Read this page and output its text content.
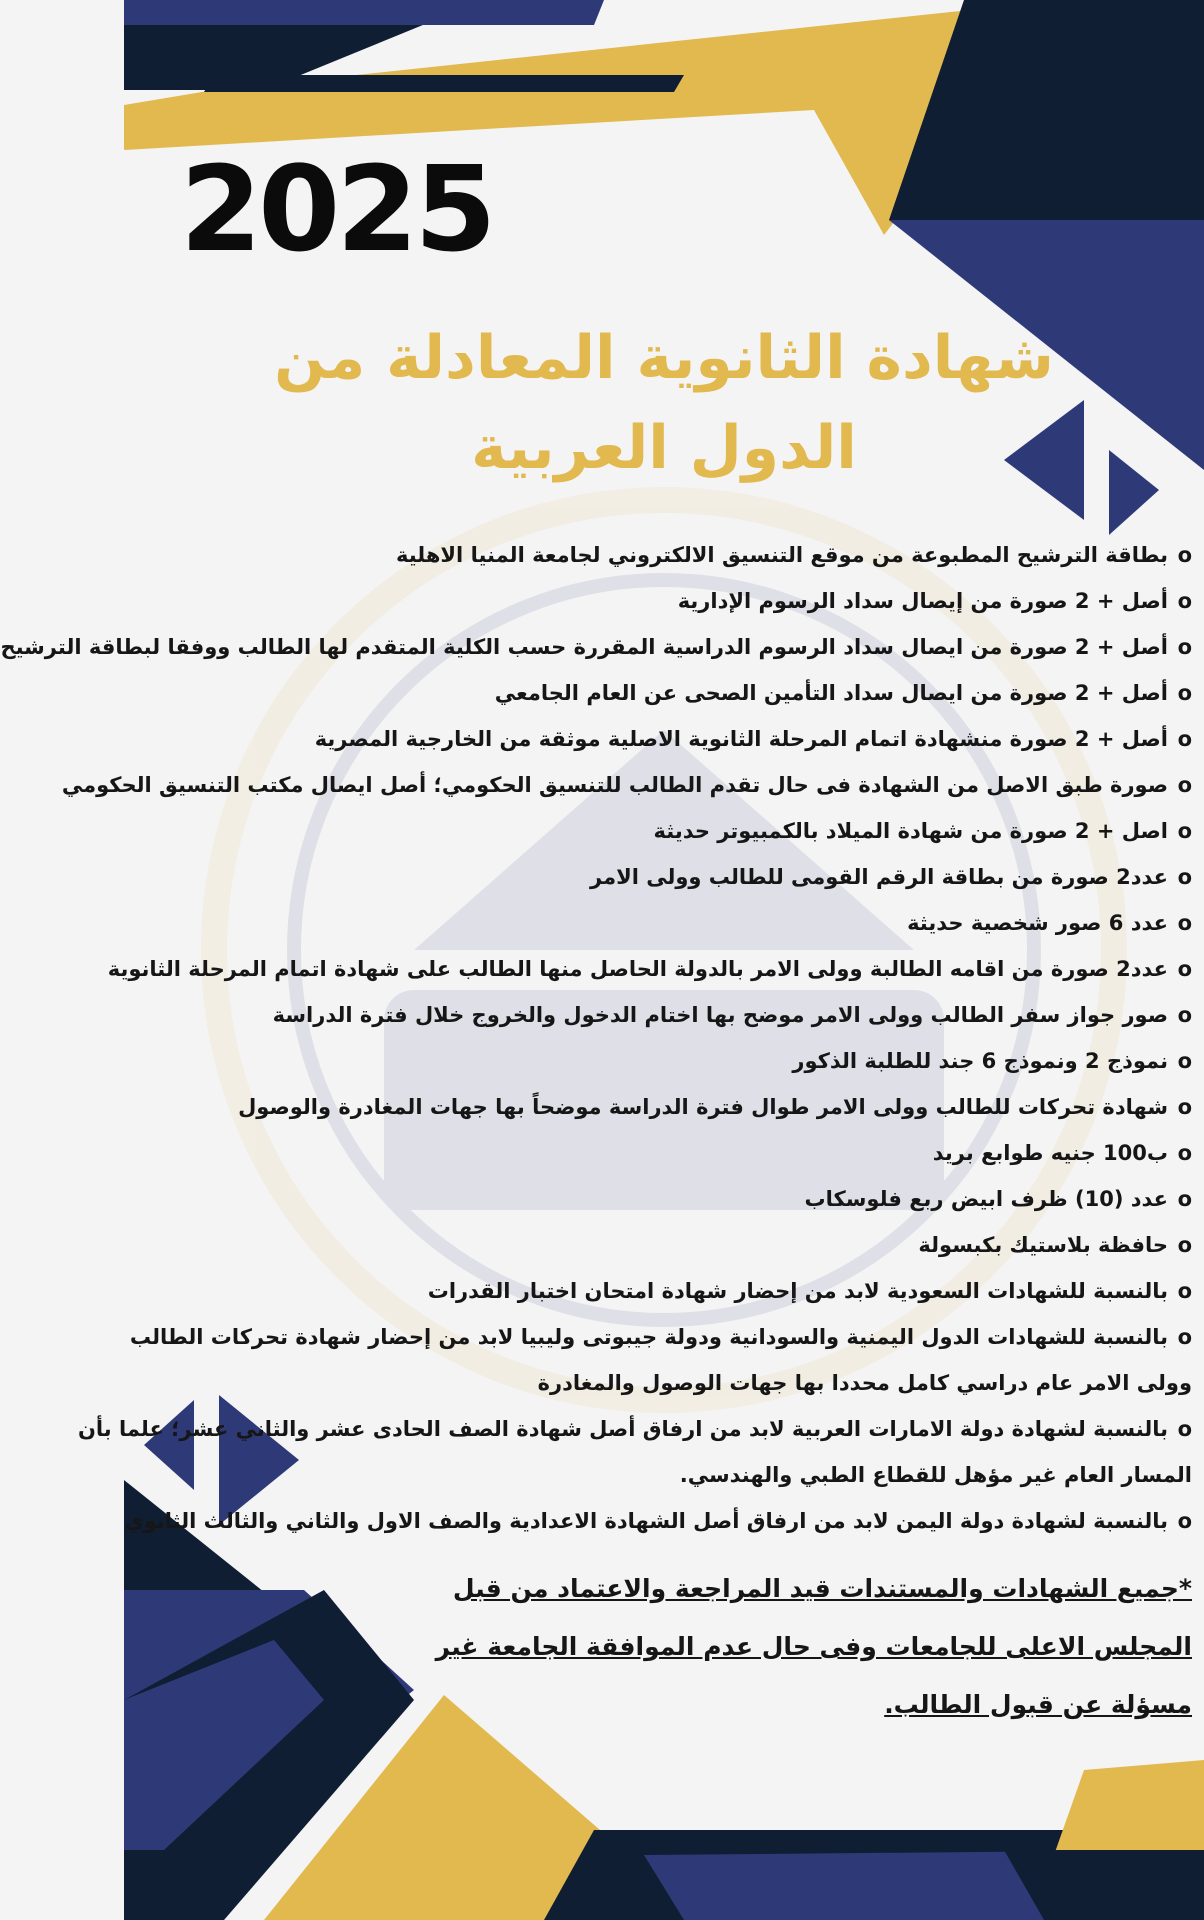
2025
شهادة الثانوية المعادلة من
الدول العربية
oبطاقة الترشيح المطبوعة من موقع التنسيق الالكتروني لجامعة المنيا الاهلية
oأصل + 2 صورة من إيصال سداد الرسوم الإدارية
oأصل + 2 صورة من ايصال سداد الرسوم الدراسية المقررة حسب الكلية المتقدم لها الطالب ووفقا لبطاقة الترشيح
oأصل + 2 صورة من ايصال سداد التأمين الصحى عن العام الجامعي
oأصل + 2 صورة منشهادة اتمام المرحلة الثانوية الاصلية موثقة من الخارجية المصرية
oصورة طبق الاصل من الشهادة فى حال تقدم الطالب للتنسيق الحكومي؛ أصل ايصال مكتب التنسيق الحكومي
oاصل + 2 صورة من شهادة الميلاد بالكمبيوتر حديثة
oعدد2 صورة من بطاقة الرقم القومى للطالب وولى الامر
oعدد 6 صور شخصية حديثة
oعدد2 صورة من اقامه الطالبة وولى الامر بالدولة الحاصل منها الطالب على شهادة اتمام المرحلة الثانوية
oصور جواز سفر الطالب وولى الامر موضح بها اختام الدخول والخروج خلال فترة الدراسة
oنموذج 2 ونموذج 6 جند للطلبة الذكور
oشهادة تحركات للطالب وولى الامر طوال فترة الدراسة موضحاً بها جهات المغادرة والوصول
oب100 جنيه طوابع بريد
oعدد (10) ظرف ابيض ربع فلوسكاب
oحافظة بلاستيك بكبسولة
oبالنسبة للشهادات السعودية لابد من إحضار شهادة امتحان اختبار القدرات
oبالنسبة للشهادات الدول اليمنية والسودانية ودولة جيبوتى وليبيا لابد من إحضار شهادة تحركات الطالب
وولى الامر عام دراسي كامل محددا بها جهات الوصول والمغادرة
oبالنسبة لشهادة دولة الامارات العربية لابد من ارفاق أصل شهادة الصف الحادى عشر والثاني عشر؛ علما بأن
المسار العام غير مؤهل للقطاع الطبي والهندسي.
oبالنسبة لشهادة دولة اليمن لابد من ارفاق أصل الشهادة الاعدادية والصف الاول والثاني والثالث الثانوي
*جميع الشهادات والمستندات قيد المراجعة والاعتماد من قبل المجلس الاعلى للجامعات وفى حال عدم الموافقة الجامعة غير مسؤلة عن قبول الطالب.
